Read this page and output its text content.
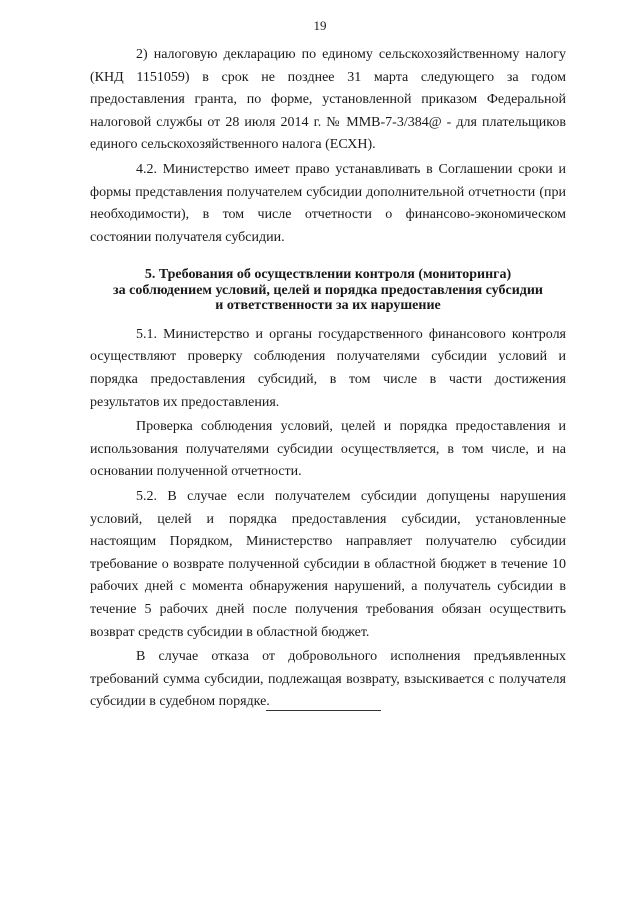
19

2) налоговую декларацию по единому сельскохозяйственному налогу (КНД 1151059) в срок не позднее 31 марта следующего за годом предоставления гранта, по форме, установленной приказом Федеральной налоговой службы от 28 июля 2014 г. № ММВ-7-3/384@ - для плательщиков единого сельскохозяйственного налога (ЕСХН).

4.2. Министерство имеет право устанавливать в Соглашении сроки и формы представления получателем субсидии дополнительной отчетности (при необходимости), в том числе отчетности о финансово-экономическом состоянии получателя субсидии.

5. Требования об осуществлении контроля (мониторинга)
за соблюдением условий, целей и порядка предоставления субсидии
и ответственности за их нарушение

5.1. Министерство и органы государственного финансового контроля осуществляют проверку соблюдения получателями субсидии условий и порядка предоставления субсидий, в том числе в части достижения результатов их предоставления.

Проверка соблюдения условий, целей и порядка предоставления и использования получателями субсидии осуществляется, в том числе, и на основании полученной отчетности.

5.2. В случае если получателем субсидии допущены нарушения условий, целей и порядка предоставления субсидии, установленные настоящим Порядком, Министерство направляет получателю субсидии требование о возврате полученной субсидии в областной бюджет в течение 10 рабочих дней с момента обнаружения нарушений, а получатель субсидии в течение 5 рабочих дней после получения требования обязан осуществить возврат средств субсидии в областной бюджет.

В случае отказа от добровольного исполнения предъявленных требований сумма субсидии, подлежащая возврату, взыскивается с получателя субсидии в судебном порядке.
